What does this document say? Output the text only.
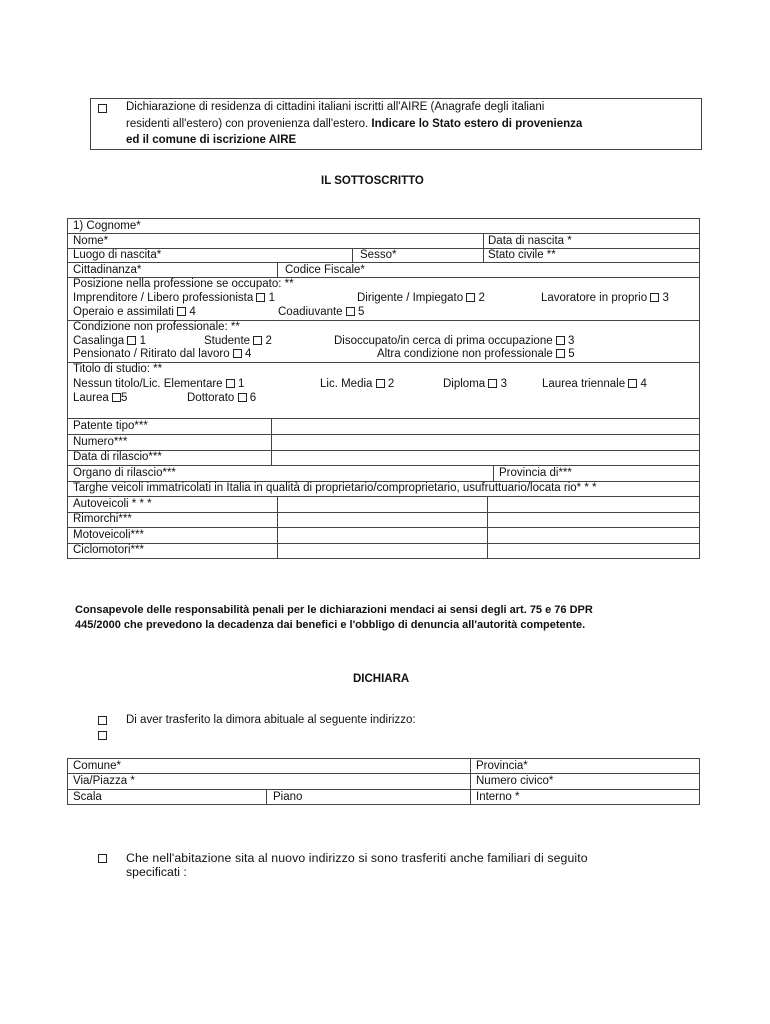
Dichiarazione di residenza di cittadini italiani iscritti all'AIRE (Anagrafe degli italiani
residenti all'estero) con provenienza dall'estero. Indicare lo Stato estero di provenienza
ed il comune di iscrizione AIRE
IL SOTTOSCRITTO
1) Cognome*
Nome*	Data di nascita *
Luogo di nascita*	Sesso*	Stato civile **
Cittadinanza*	Codice Fiscale*
Posizione nella professione se occupato: **
Imprenditore / Libero professionista 1	Dirigente / Impiegato 2	Lavoratore in proprio 3
Operaio e assimilati 4	Coadiuvante 5
Condizione non professionale: **
Casalinga 1	Studente 2	Disoccupato/in cerca di prima occupazione 3
Pensionato / Ritirato dal lavoro 4	Altra condizione non professionale 5
Titolo di studio: **
Nessun titolo/Lic. Elementare 1	Lic. Media 2	Diploma 3	Laurea triennale 4
Laurea 5	Dottorato 6
Patente tipo***
Numero***
Data di rilascio***
Organo di rilascio***	Provincia di***
Targhe veicoli immatricolati in Italia in qualità di proprietario/comproprietario, usufruttuario/locata rio* * *
Autoveicoli * * *
Rimorchi***
Motoveicoli***
Ciclomotori***
Consapevole delle responsabilità penali per le dichiarazioni mendaci ai sensi degli art. 75 e 76 DPR
445/2000 che prevedono la decadenza dai benefici e l'obbligo di denuncia all'autorità competente.
DICHIARA
Di aver trasferito la dimora abituale al seguente indirizzo:
Comune*	Provincia*
Via/Piazza *	Numero civico*
Scala	Piano	Interno *
Che nell'abitazione sita al nuovo indirizzo si sono trasferiti anche familiari di seguito
specificati :
